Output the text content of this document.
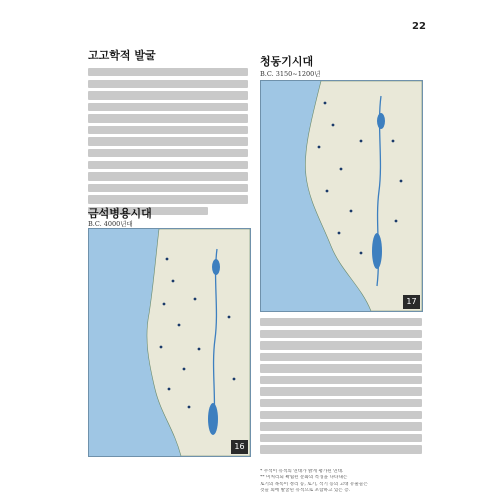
22
고고학적 발굴
금석병용시대
B.C. 4000년대
16
청동기시대
B.C. 3150~1200년
17
* 주석이 유적의 연대가 밝게 평가된 연대.
** 미처리되 확립된 문화의 특징을 나타내는
토기의 목록이 정리 등, 토기, 석기 등의 고대 유물들은
것들 외에 발굴된 유적으로 포함하고 있는 층.
